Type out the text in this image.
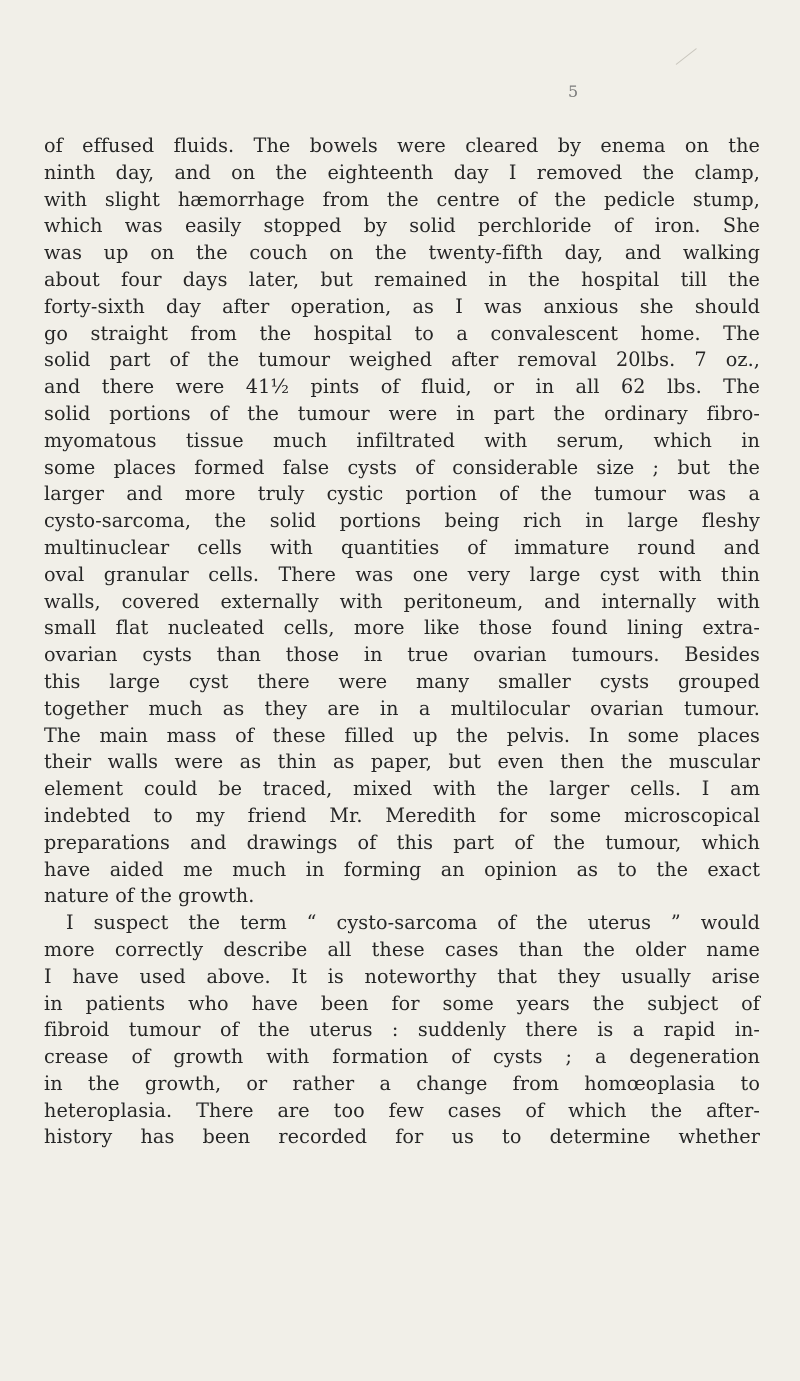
5
of effused fluids. The bowels were cleared by enema on the
ninth day, and on the eighteenth day I removed the clamp,
with slight hæmorrhage from the centre of the pedicle stump,
which was easily stopped by solid perchloride of iron. She
was up on the couch on the twenty-fifth day, and walking
about four days later, but remained in the hospital till the
forty-sixth day after operation, as I was anxious she should
go straight from the hospital to a convalescent home. The
solid part of the tumour weighed after removal 20lbs. 7 oz.,
and there were 41½ pints of fluid, or in all 62 lbs. The
solid portions of the tumour were in part the ordinary fibro-
myomatous tissue much infiltrated with serum, which in
some places formed false cysts of considerable size ; but the
larger and more truly cystic portion of the tumour was a
cysto-sarcoma, the solid portions being rich in large fleshy
multinuclear cells with quantities of immature round and
oval granular cells. There was one very large cyst with thin
walls, covered externally with peritoneum, and internally with
small flat nucleated cells, more like those found lining extra-
ovarian cysts than those in true ovarian tumours. Besides
this large cyst there were many smaller cysts grouped
together much as they are in a multilocular ovarian tumour.
The main mass of these filled up the pelvis. In some places
their walls were as thin as paper, but even then the muscular
element could be traced, mixed with the larger cells. I am
indebted to my friend Mr. Meredith for some microscopical
preparations and drawings of this part of the tumour, which
have aided me much in forming an opinion as to the exact
nature of the growth.
I suspect the term “ cysto-sarcoma of the uterus ” would
more correctly describe all these cases than the older name
I have used above. It is noteworthy that they usually arise
in patients who have been for some years the subject of
fibroid tumour of the uterus : suddenly there is a rapid in-
crease of growth with formation of cysts ; a degeneration
in the growth, or rather a change from homœoplasia to
heteroplasia. There are too few cases of which the after-
history has been recorded for us to determine whether
